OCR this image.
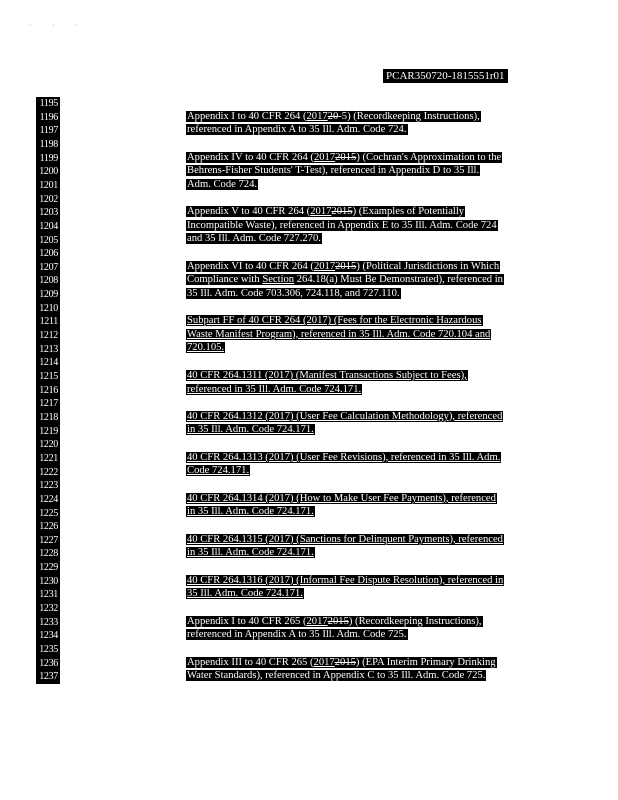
' ' '
PCAR350720-1815551r01
1195
1196
1197
1198
1199
1200
1201
1202
1203
1204
1205
1206
1207
1208
1209
1210
1211
1212
1213
1214
1215
1216
1217
1218
1219
1220
1221
1222
1223
1224
1225
1226
1227
1228
1229
1230
1231
1232
1233
1234
1235
1236
1237
Appendix I to 40 CFR 264 (201720-5) (Recordkeeping Instructions),
referenced in Appendix A to 35 Ill. Adm. Code 724.
Appendix IV to 40 CFR 264 (20172015) (Cochran's Approximation to the
Behrens-Fisher Students' T-Test), referenced in Appendix D to 35 Ill.
Adm. Code 724.
Appendix V to 40 CFR 264 (20172015) (Examples of Potentially
Incompatible Waste), referenced in Appendix E to 35 Ill. Adm. Code 724
and 35 Ill. Adm. Code 727.270.
Appendix VI to 40 CFR 264 (20172015) (Political Jurisdictions in Which
Compliance with Section 264.18(a) Must Be Demonstrated), referenced in
35 Ill. Adm. Code 703.306, 724.118, and 727.110.
Subpart FF of 40 CFR 264 (2017) (Fees for the Electronic Hazardous
Waste Manifest Program), referenced in 35 Ill. Adm. Code 720.104 and
720.105.
40 CFR 264.1311 (2017) (Manifest Transactions Subject to Fees),
referenced in 35 Ill. Adm. Code 724.171.
40 CFR 264.1312 (2017) (User Fee Calculation Methodology), referenced
in 35 Ill. Adm. Code 724.171.
40 CFR 264.1313 (2017) (User Fee Revisions), referenced in 35 Ill. Adm.
Code 724.171.
40 CFR 264.1314 (2017) (How to Make User Fee Payments), referenced
in 35 Ill. Adm. Code 724.171.
40 CFR 264.1315 (2017) (Sanctions for Delinquent Payments), referenced
in 35 Ill. Adm. Code 724.171.
40 CFR 264.1316 (2017) (Informal Fee Dispute Resolution), referenced in
35 Ill. Adm. Code 724.171.
Appendix I to 40 CFR 265 (20172015) (Recordkeeping Instructions),
referenced in Appendix A to 35 Ill. Adm. Code 725.
Appendix III to 40 CFR 265 (20172015) (EPA Interim Primary Drinking
Water Standards), referenced in Appendix C to 35 Ill. Adm. Code 725.
